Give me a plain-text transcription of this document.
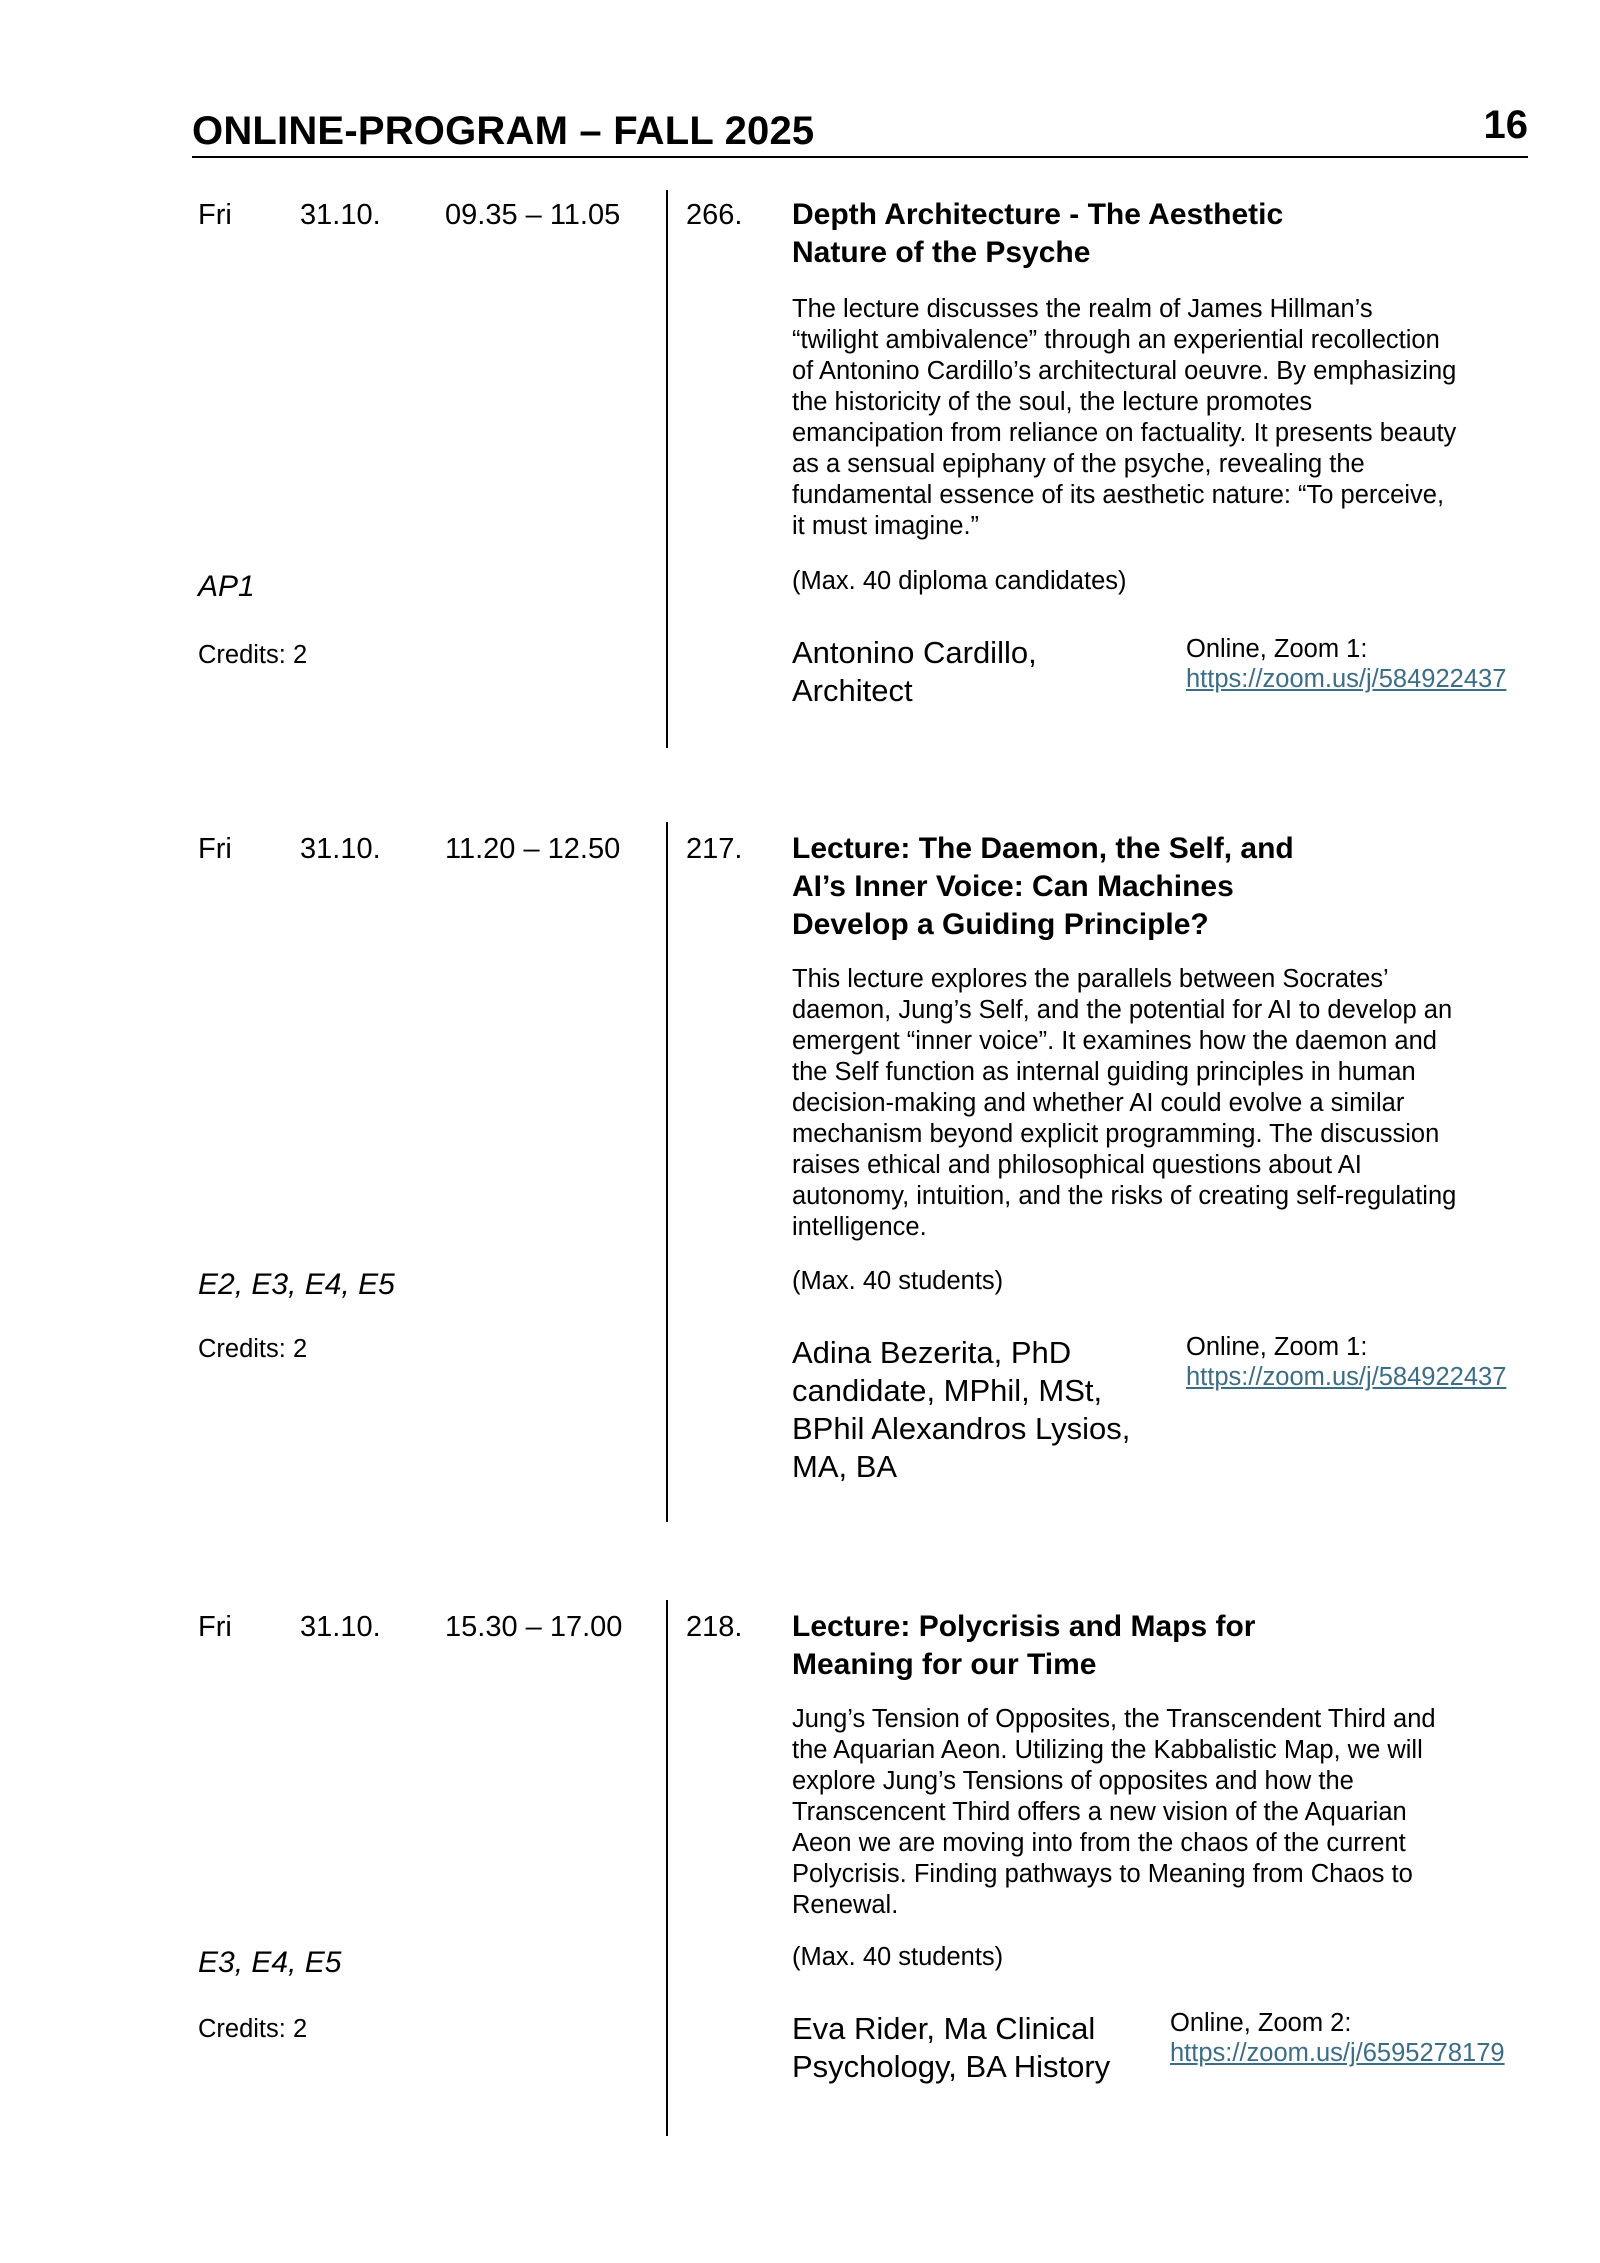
ONLINE-PROGRAM – FALL 2025	16
Fri 31.10. 09.35 – 11.05 266. Depth Architecture - The Aesthetic
Nature of the Psyche
The lecture discusses the realm of James Hillman’s
“twilight ambivalence” through an experiential recollection
of Antonino Cardillo’s architectural oeuvre. By emphasizing
the historicity of the soul, the lecture promotes
emancipation from reliance on factuality. It presents beauty
as a sensual epiphany of the psyche, revealing the
fundamental essence of its aesthetic nature: “To perceive,
it must imagine.”
AP1	(Max. 40 diploma candidates)
Credits: 2	Antonino Cardillo,
Architect
Online, Zoom 1:
https://zoom.us/j/584922437
Fri 31.10. 11.20 – 12.50 217. Lecture: The Daemon, the Self, and
AI’s Inner Voice: Can Machines
Develop a Guiding Principle?
This lecture explores the parallels between Socrates’
daemon, Jung’s Self, and the potential for AI to develop an
emergent “inner voice”. It examines how the daemon and
the Self function as internal guiding principles in human
decision-making and whether AI could evolve a similar
mechanism beyond explicit programming. The discussion
raises ethical and philosophical questions about AI
autonomy, intuition, and the risks of creating self-regulating
intelligence.
E2, E3, E4, E5	(Max. 40 students)
Credits: 2	Adina Bezerita, PhD
candidate, MPhil, MSt,
BPhil Alexandros Lysios,
MA, BA
Online, Zoom 1:
https://zoom.us/j/584922437
Fri 31.10. 15.30 – 17.00 218. Lecture: Polycrisis and Maps for
Meaning for our Time
Jung’s Tension of Opposites, the Transcendent Third and
the Aquarian Aeon. Utilizing the Kabbalistic Map, we will
explore Jung’s Tensions of opposites and how the
Transcencent Third offers a new vision of the Aquarian
Aeon we are moving into from the chaos of the current
Polycrisis. Finding pathways to Meaning from Chaos to
Renewal.
E3, E4, E5	(Max. 40 students)
Credits: 2	Eva Rider, Ma Clinical
Psychology, BA History
Online, Zoom 2:
https://zoom.us/j/6595278179
